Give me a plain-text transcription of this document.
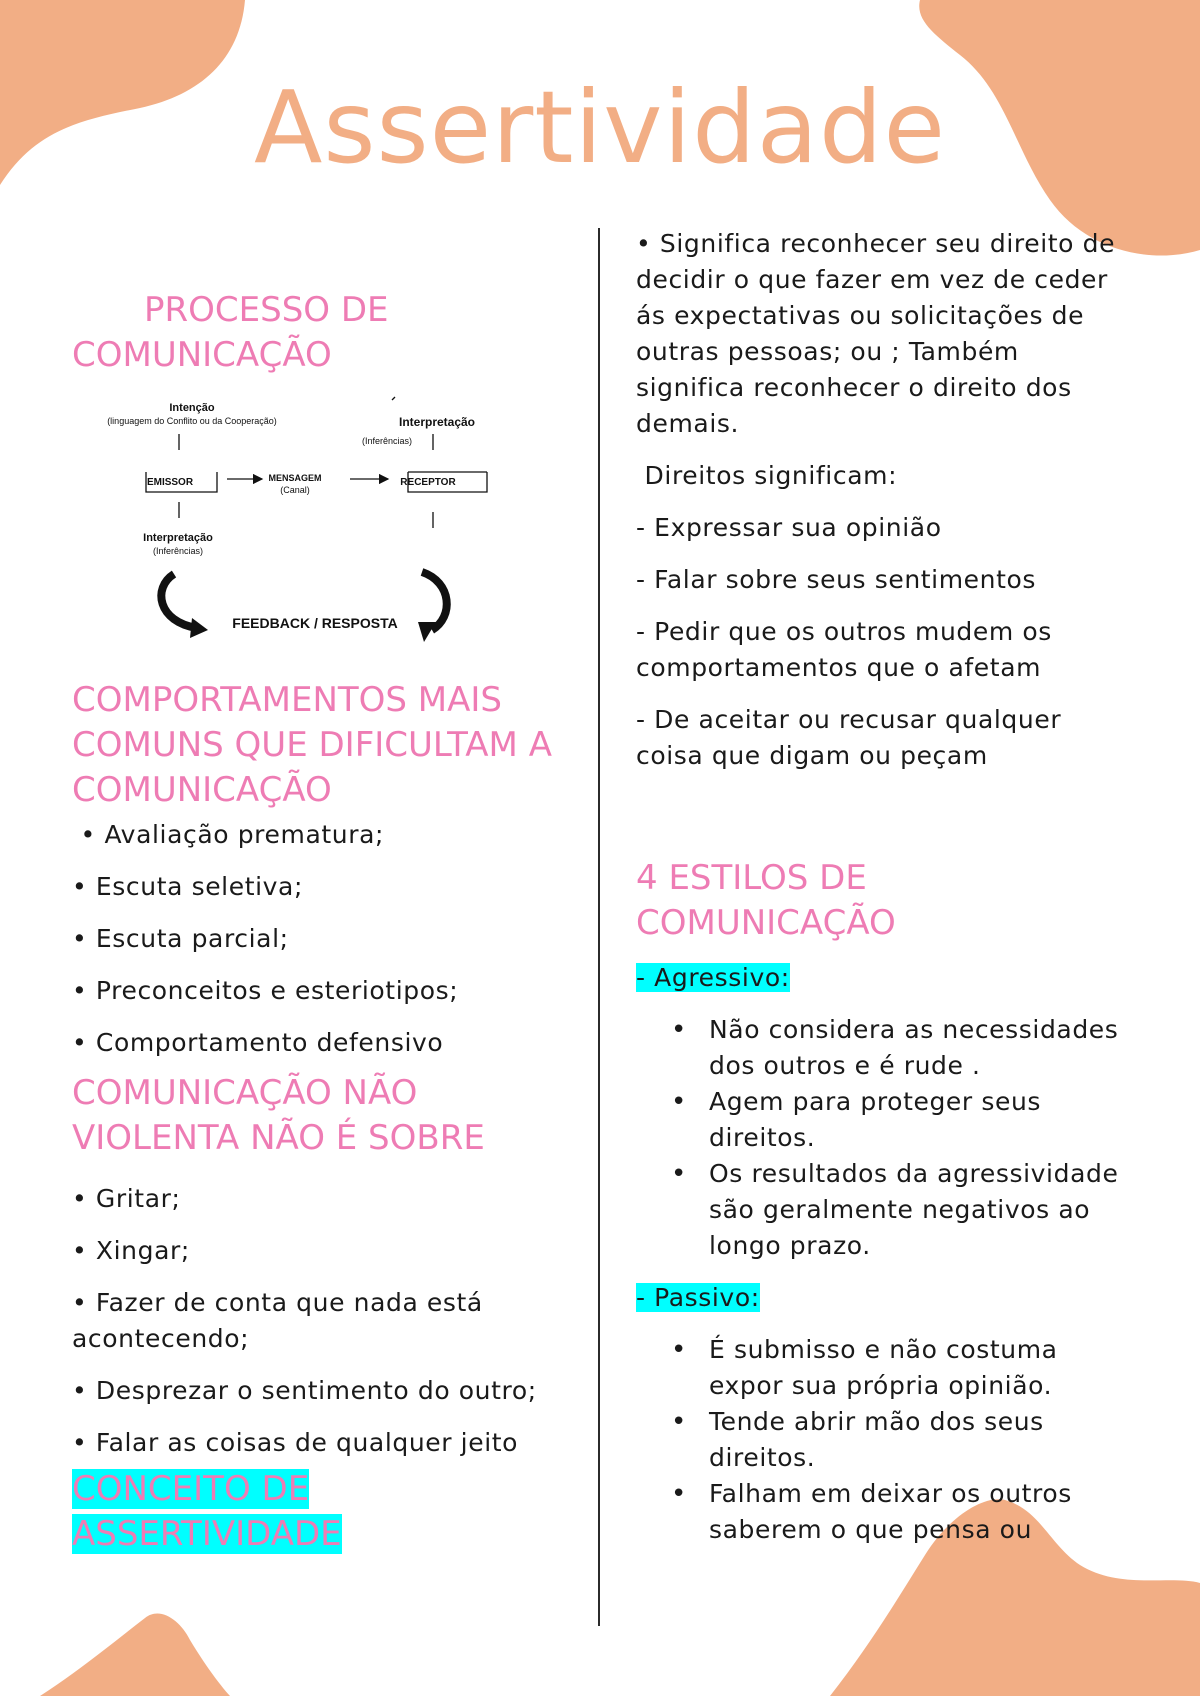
Assertividade
PROCESSO DE COMUNICAÇÃO
Intenção
(linguagem do Conflito ou da Cooperação)	Interpretação
(Inferências)
EMISSOR	MENSAGEM
(Canal)
RECEPTOR
Interpretação
(Inferências)
FEEDBACK / RESPOSTA
COMPORTAMENTOS MAIS COMUNS QUE DIFICULTAM A COMUNICAÇÃO

• Avaliação prematura;

• Escuta seletiva;

• Escuta parcial;

• Preconceitos e esteriotipos;

• Comportamento defensivo

COMUNICAÇÃO NÃO VIOLENTA NÃO É SOBRE

• Gritar;

• Xingar;

• Fazer de conta que nada está acontecendo;

• Desprezar o sentimento do outro;

• Falar as coisas de qualquer jeito

CONCEITO DE
ASSERTIVIDADE

• Significa reconhecer seu direito de decidir o que fazer em vez de ceder ás expectativas ou solicitações de outras pessoas; ou ; Também significa reconhecer o direito dos demais.

Direitos significam:

- Expressar sua opinião

- Falar sobre seus sentimentos

- Pedir que os outros mudem os comportamentos que o afetam

- De aceitar ou recusar qualquer coisa que digam ou peçam

4 ESTILOS DE COMUNICAÇÃO

- Agressivo:

• Não considera as necessidades dos outros e é rude .
• Agem para proteger seus direitos.
• Os resultados da agressividade são geralmente negativos ao longo prazo.

- Passivo:

• É submisso e não costuma expor sua própria opinião.
• Tende abrir mão dos seus direitos.
• Falham em deixar os outros saberem o que pensa ou
